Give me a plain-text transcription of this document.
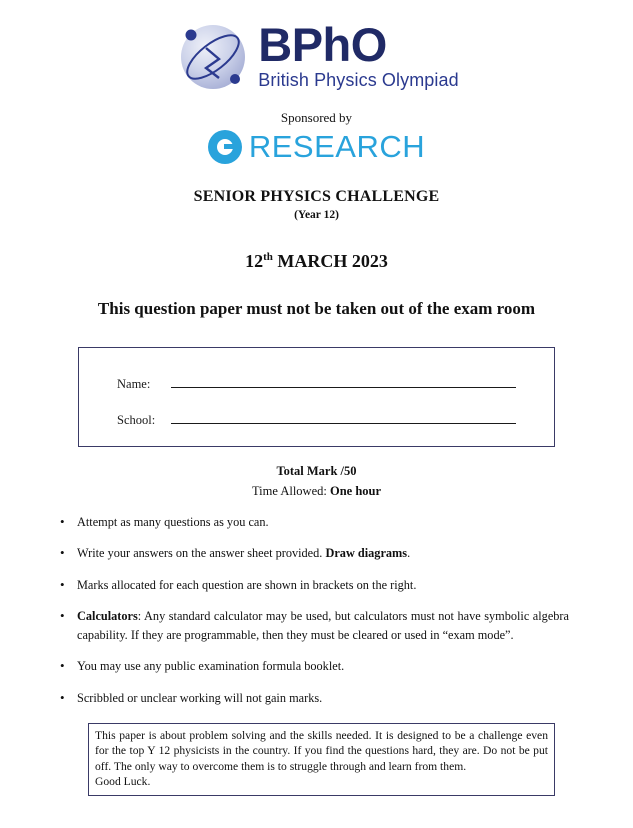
BPhO
British Physics Olympiad
Sponsored by
RESEARCH
SENIOR PHYSICS CHALLENGE
(Year 12)
12th MARCH 2023
This question paper must not be taken out of the exam room
Name:
School:
Total Mark /50
Time Allowed: One hour
• Attempt as many questions as you can.
• Write your answers on the answer sheet provided. Draw diagrams.
• Marks allocated for each question are shown in brackets on the right.
• Calculators: Any standard calculator may be used, but calculators must not have symbolic algebra capability. If they are programmable, then they must be cleared or used in “exam mode”.
• You may use any public examination formula booklet.
• Scribbled or unclear working will not gain marks.
This paper is about problem solving and the skills needed. It is designed to be a challenge even for the top Y 12 physicists in the country. If you find the questions hard, they are. Do not be put off. The only way to overcome them is to struggle through and learn from them.
Good Luck.
